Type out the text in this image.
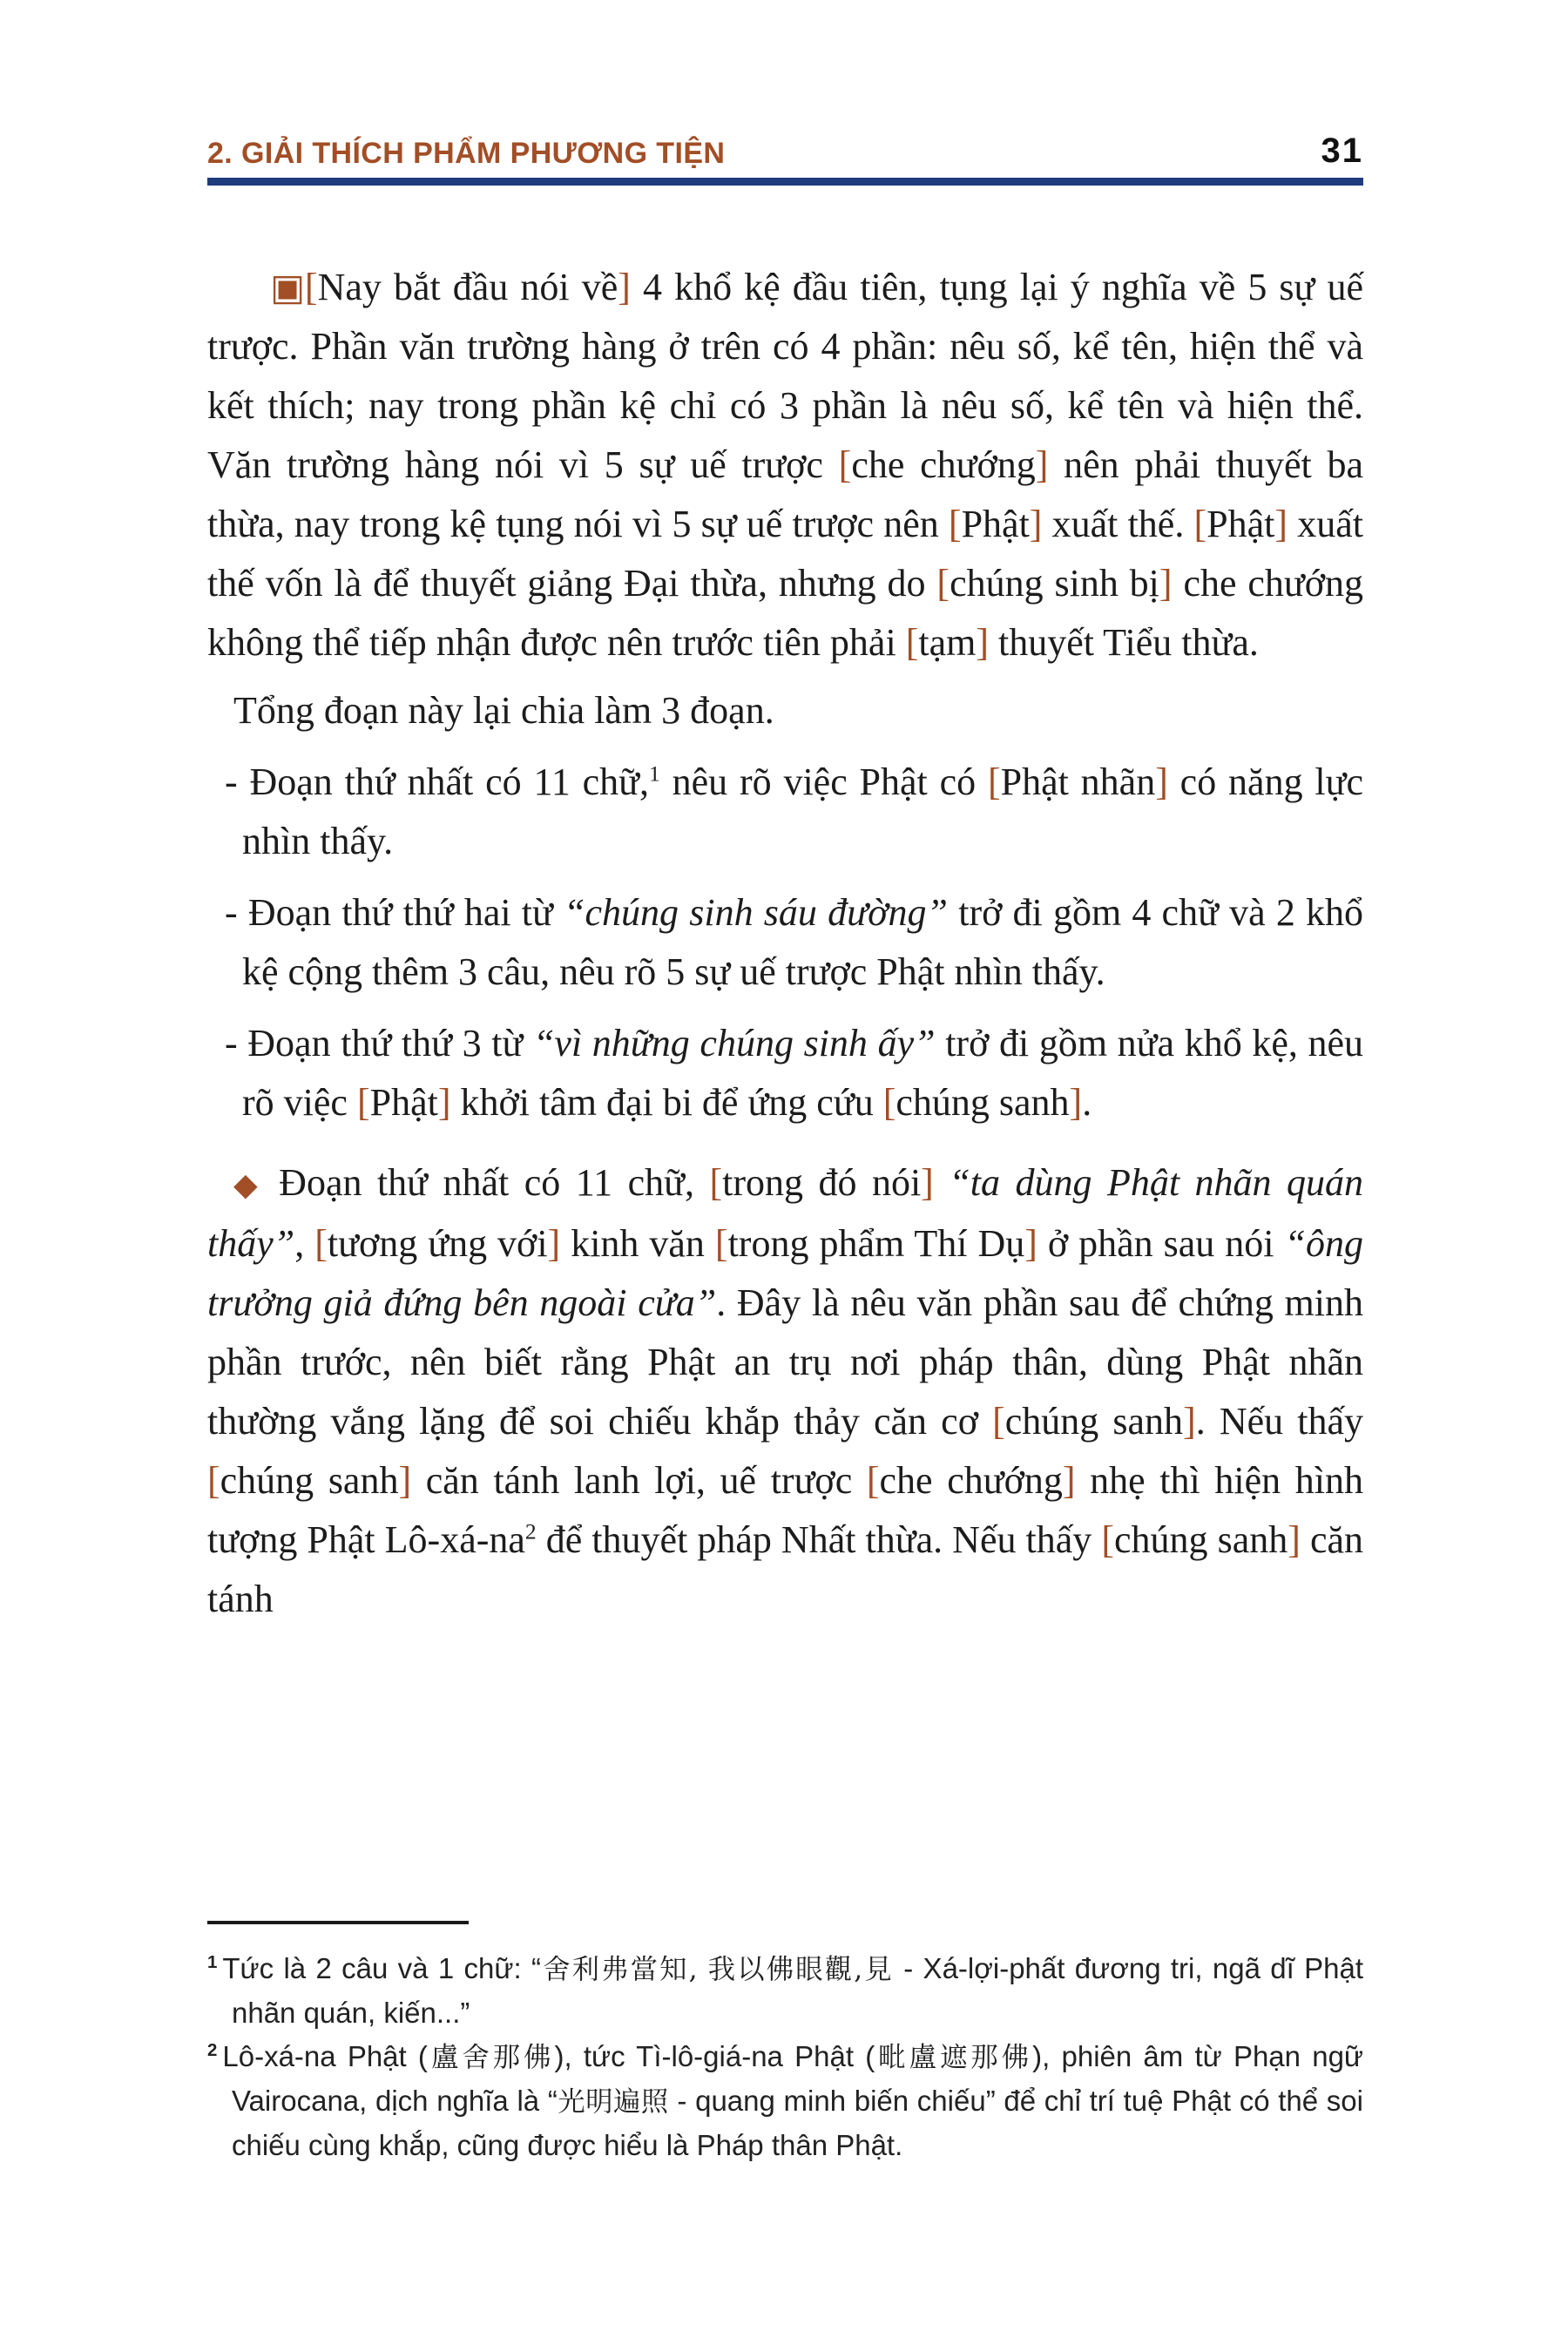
2. GIẢI THÍCH PHẨM PHƯƠNG TIỆN	31
▣[Nay bắt đầu nói về] 4 khổ kệ đầu tiên, tụng lại ý nghĩa về 5 sự uế trược. Phần văn trường hàng ở trên có 4 phần: nêu số, kể tên, hiện thể và kết thích; nay trong phần kệ chỉ có 3 phần là nêu số, kể tên và hiện thể. Văn trường hàng nói vì 5 sự uế trược [che chướng] nên phải thuyết ba thừa, nay trong kệ tụng nói vì 5 sự uế trược nên [Phật] xuất thế. [Phật] xuất thế vốn là để thuyết giảng Đại thừa, nhưng do [chúng sinh bị] che chướng không thể tiếp nhận được nên trước tiên phải [tạm] thuyết Tiểu thừa.
Tổng đoạn này lại chia làm 3 đoạn.
- Đoạn thứ nhất có 11 chữ,$^1$ nêu rõ việc Phật có [Phật nhãn] có năng lực nhìn thấy.
- Đoạn thứ thứ hai từ “chúng sinh sáu đường” trở đi gồm 4 chữ và 2 khổ kệ cộng thêm 3 câu, nêu rõ 5 sự uế trược Phật nhìn thấy.
- Đoạn thứ thứ 3 từ “vì những chúng sinh ấy” trở đi gồm nửa khổ kệ, nêu rõ việc [Phật] khởi tâm đại bi để ứng cứu [chúng sanh].
◆ Đoạn thứ nhất có 11 chữ, [trong đó nói] “ta dùng Phật nhãn quán thấy”, [tương ứng với] kinh văn [trong phẩm Thí Dụ] ở phần sau nói “ông trưởng giả đứng bên ngoài cửa”. Đây là nêu văn phần sau để chứng minh phần trước, nên biết rằng Phật an trụ nơi pháp thân, dùng Phật nhãn thường vắng lặng để soi chiếu khắp thảy căn cơ [chúng sanh]. Nếu thấy [chúng sanh] căn tánh lanh lợi, uế trược [che chướng] nhẹ thì hiện hình tượng Phật $Lô-xá-na^2$ để thuyết pháp Nhất thừa. Nếu thấy [chúng sanh] căn tánh
$^1$ Tức là 2 câu và 1 chữ: “舍利弗當知, 我以佛眼觀,見 - Xá-lợi-phất đương tri, ngã dĩ Phật nhãn quán, kiến...”
$^2$ Lô-xá-na Phật (盧舍那佛), tức Tì-lô-giá-na Phật (毗盧遮那佛), phiên âm từ Phạn ngữ Vairocana, dịch nghĩa là “光明遍照 - quang minh biến chiếu” để chỉ trí tuệ Phật có thể soi chiếu cùng khắp, cũng được hiểu là Pháp thân Phật.
